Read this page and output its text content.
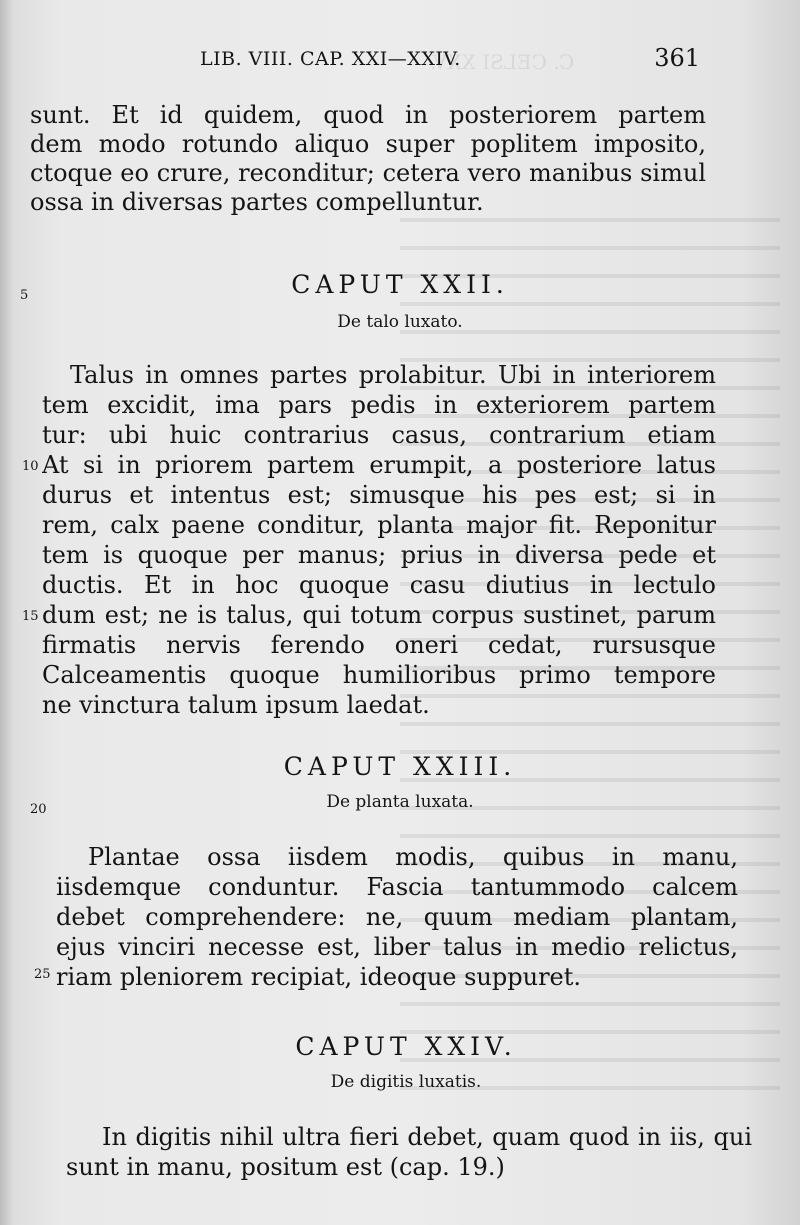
C. CELSI XXV.
LIB. VIII. CAP. XXI—XXIV.	361
sunt. Et id quidem, quod in posteriorem partem
dem modo rotundo aliquo super poplitem imposito,
ctoque eo crure, reconditur; cetera vero manibus simul
ossa in diversas partes compelluntur.
5	CAPUT XXII.
De talo luxato.
Talus in omnes partes prolabitur. Ubi in interiorem
tem excidit, ima pars pedis in exteriorem partem
tur: ubi huic contrarius casus, contrarium etiam
10 At si in priorem partem erumpit, a posteriore latus
durus et intentus est; simusque his pes est; si in
rem, calx paene conditur, planta major fit. Reponitur
tem is quoque per manus; prius in diversa pede et
ductis. Et in hoc quoque casu diutius in lectulo
15 dum est; ne is talus, qui totum corpus sustinet, parum
firmatis nervis ferendo oneri cedat, rursusque
Calceamentis quoque humilioribus primo tempore
ne vinctura talum ipsum laedat.
CAPUT XXIII.
20	De planta luxata.
Plantae ossa iisdem modis, quibus in manu,
iisdemque conduntur. Fascia tantummodo calcem
debet comprehendere: ne, quum mediam plantam,
ejus vinciri necesse est, liber talus in medio relictus,
25 riam pleniorem recipiat, ideoque suppuret.
CAPUT XXIV.
De digitis luxatis.
In digitis nihil ultra fieri debet, quam quod in iis, qui
sunt in manu, positum est (cap. 19.)
